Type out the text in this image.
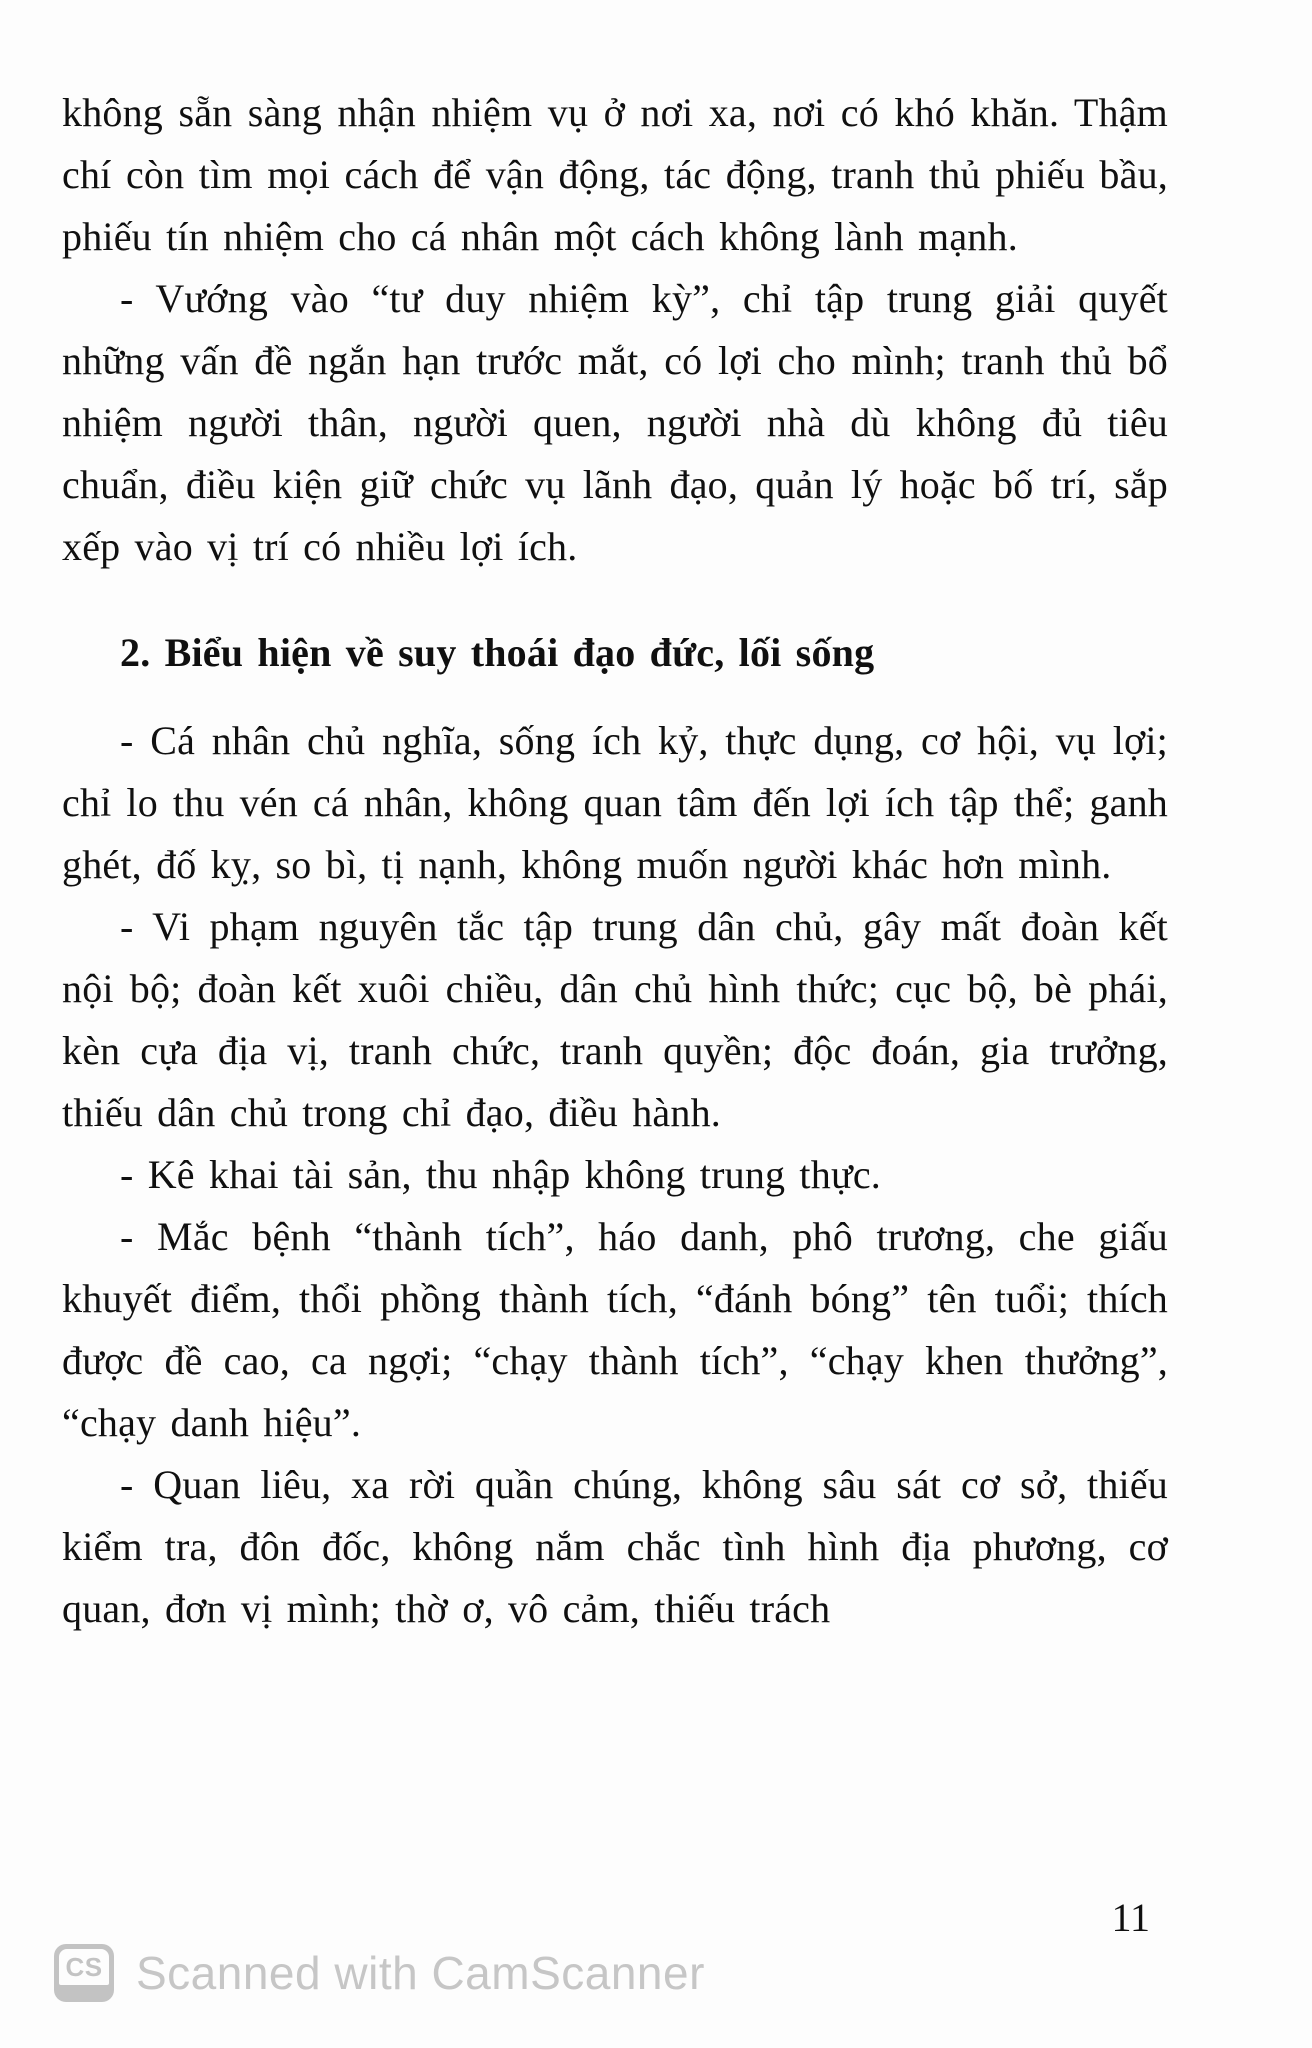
không sẵn sàng nhận nhiệm vụ ở nơi xa, nơi có khó khăn. Thậm chí còn tìm mọi cách để vận động, tác động, tranh thủ phiếu bầu, phiếu tín nhiệm cho cá nhân một cách không lành mạnh.

- Vướng vào “tư duy nhiệm kỳ”, chỉ tập trung giải quyết những vấn đề ngắn hạn trước mắt, có lợi cho mình; tranh thủ bổ nhiệm người thân, người quen, người nhà dù không đủ tiêu chuẩn, điều kiện giữ chức vụ lãnh đạo, quản lý hoặc bố trí, sắp xếp vào vị trí có nhiều lợi ích.

2. Biểu hiện về suy thoái đạo đức, lối sống

- Cá nhân chủ nghĩa, sống ích kỷ, thực dụng, cơ hội, vụ lợi; chỉ lo thu vén cá nhân, không quan tâm đến lợi ích tập thể; ganh ghét, đố kỵ, so bì, tị nạnh, không muốn người khác hơn mình.

- Vi phạm nguyên tắc tập trung dân chủ, gây mất đoàn kết nội bộ; đoàn kết xuôi chiều, dân chủ hình thức; cục bộ, bè phái, kèn cựa địa vị, tranh chức, tranh quyền; độc đoán, gia trưởng, thiếu dân chủ trong chỉ đạo, điều hành.

- Kê khai tài sản, thu nhập không trung thực.

- Mắc bệnh “thành tích”, háo danh, phô trương, che giấu khuyết điểm, thổi phồng thành tích, “đánh bóng” tên tuổi; thích được đề cao, ca ngợi; “chạy thành tích”, “chạy khen thưởng”, “chạy danh hiệu”.

- Quan liêu, xa rời quần chúng, không sâu sát cơ sở, thiếu kiểm tra, đôn đốc, không nắm chắc tình hình địa phương, cơ quan, đơn vị mình; thờ ơ, vô cảm, thiếu trách

11
CS Scanned with CamScanner
